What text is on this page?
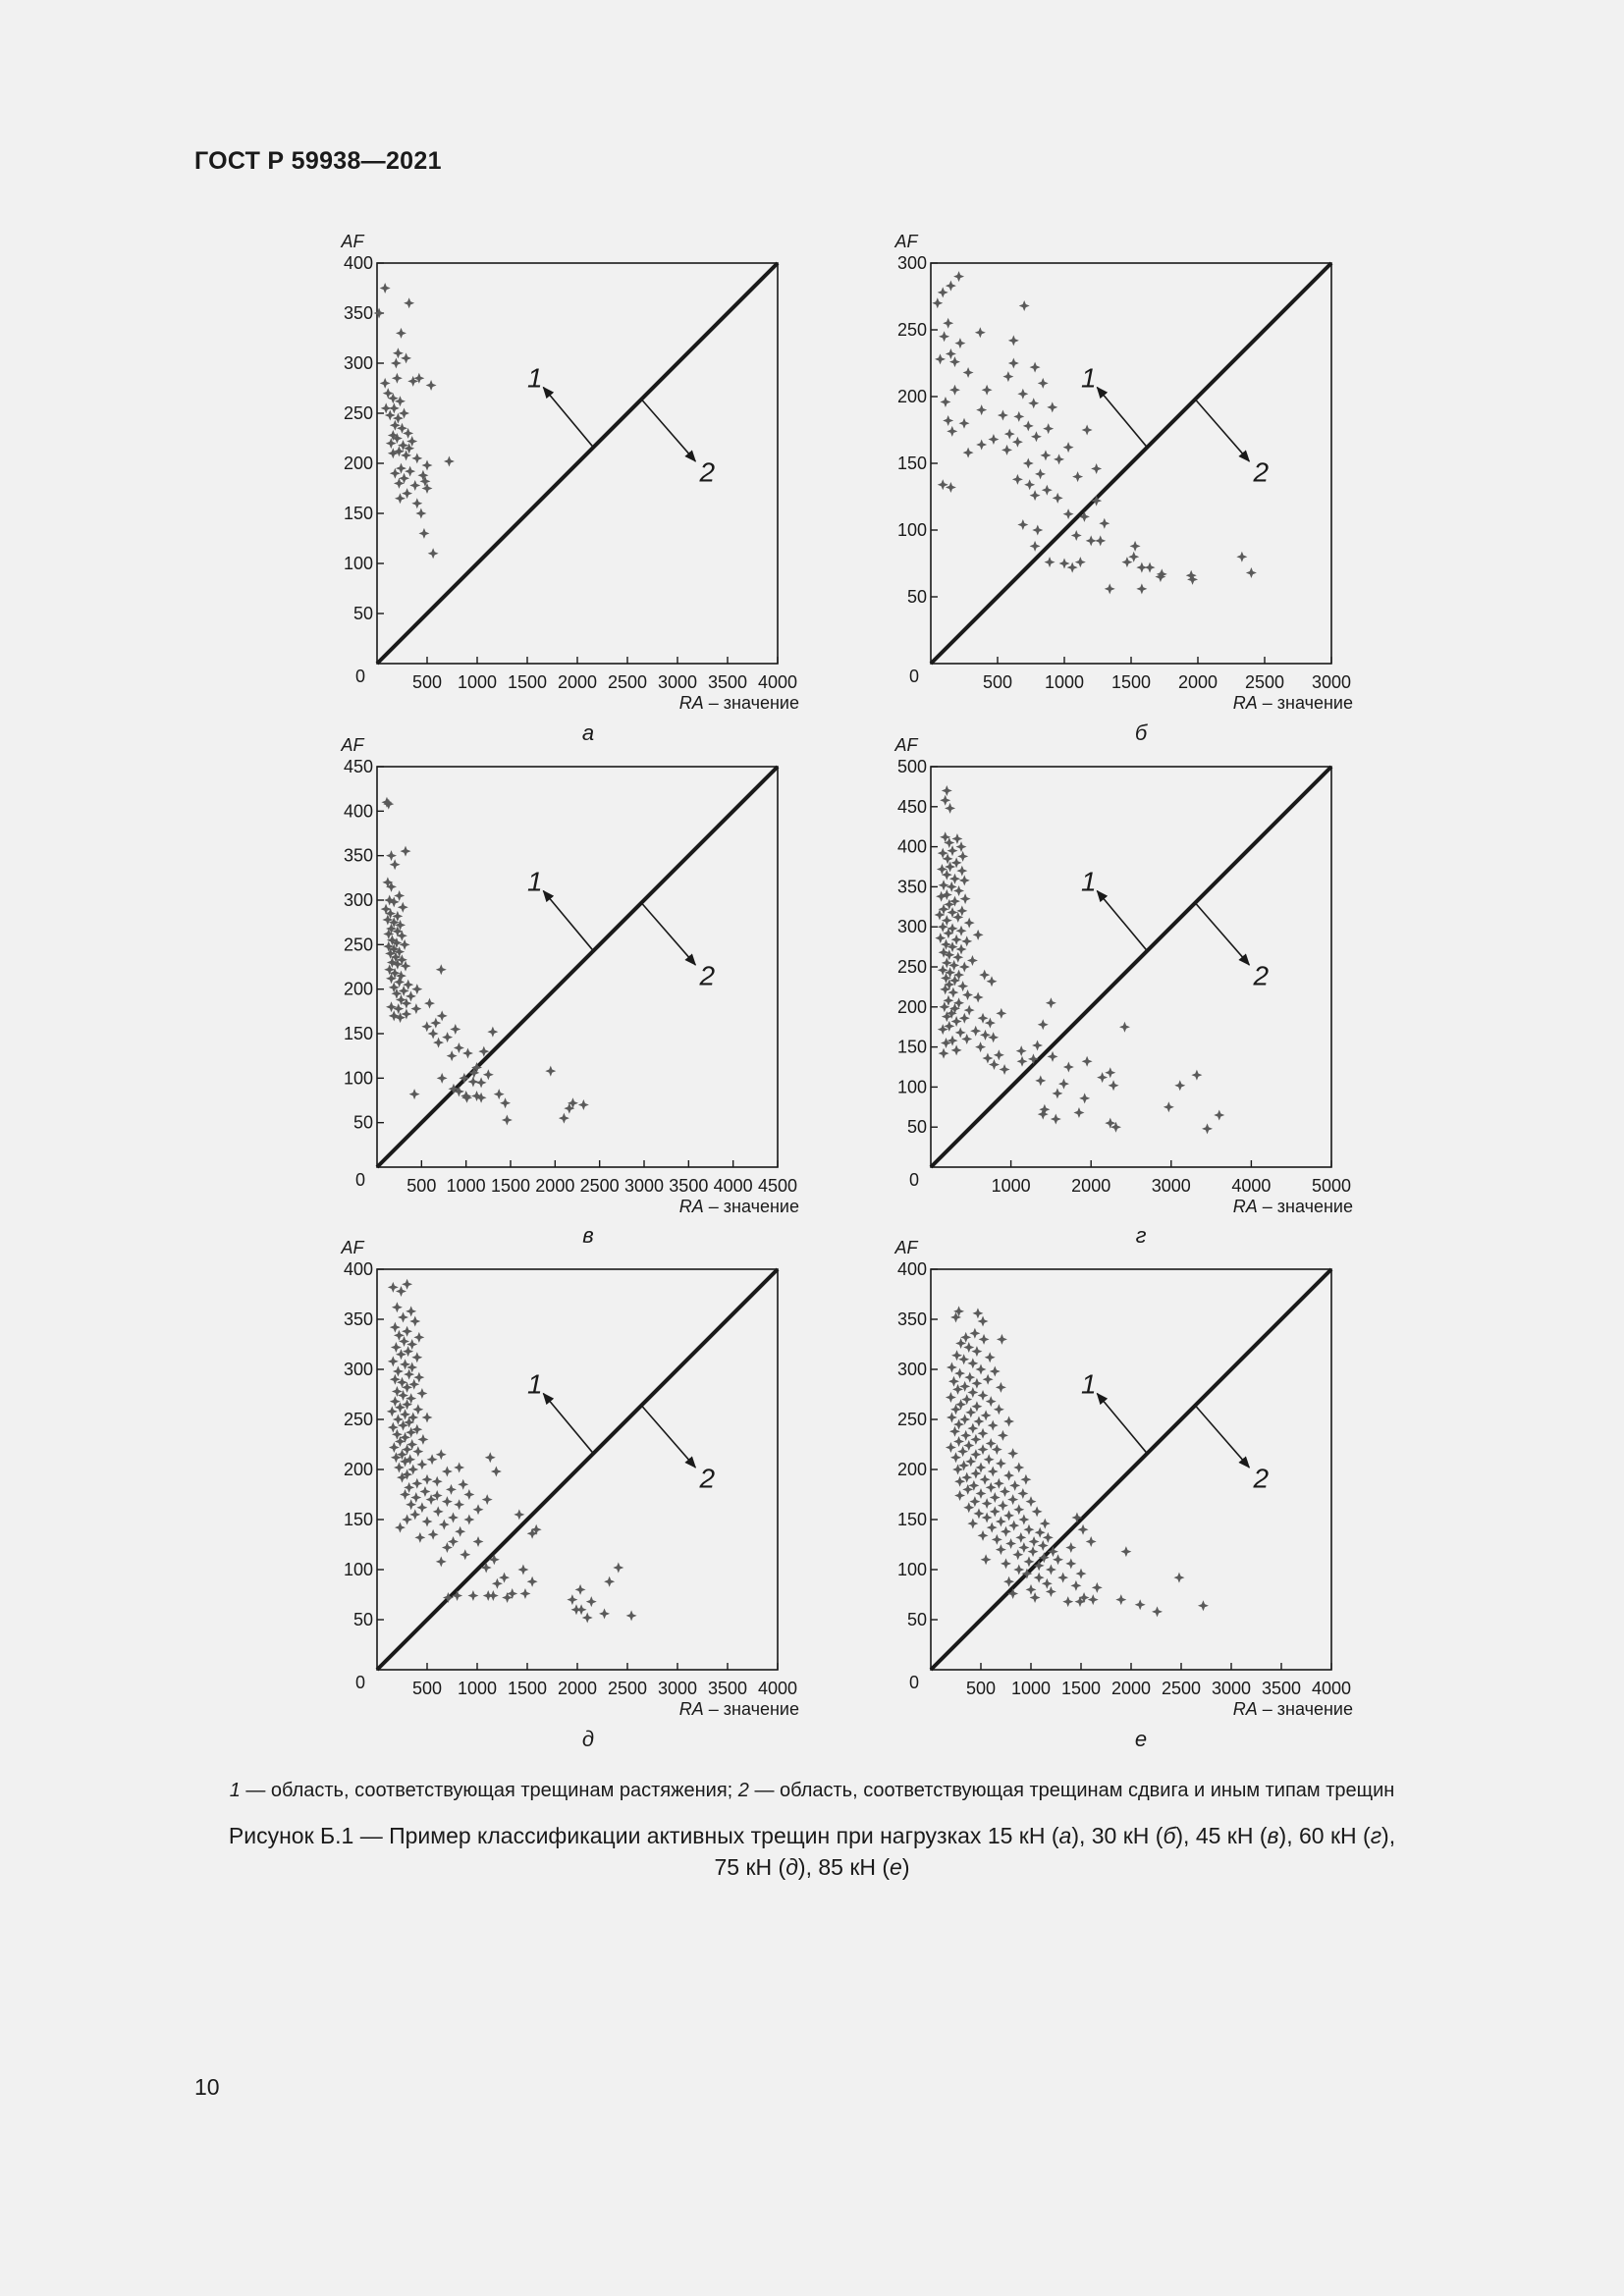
ГОСТ Р 59938—2021
50
100
150
200
250
300
350
400
500 1000 1500 2000 2500 3000 3500 4000
0
AF
RA – значение
1
2
а
50
100
150
200
250
300
500 1000 1500 2000 2500 3000
0
AF
RA – значение
1
2
б
50
100
150
200
250
300
350
400
450
500 1000 1500 2000 2500 3000 3500 4000 4500
0
AF
RA – значение
1
2
в
50
100
150
200
250
300
350
400
450
500
1000 2000 3000 4000 5000
0
AF
RA – значение
1
2
г
50
100
150
200
250
300
350
400
500 1000 1500 2000 2500 3000 3500 4000
0
AF
RA – значение
1
2
д
50
100
150
200
250
300
350
400
500 1000 1500 2000 2500 3000 3500 4000
0
AF
RA – значение
1
2
е
1 — область, соответствующая трещинам растяжения; 2 — область, соответствующая трещинам сдвига и иным типам трещин
Рисунок Б.1 — Пример классификации активных трещин при нагрузках 15 кН (а), 30 кН (б), 45 кН (в), 60 кН (г),
75 кН (д), 85 кН (е)
10
